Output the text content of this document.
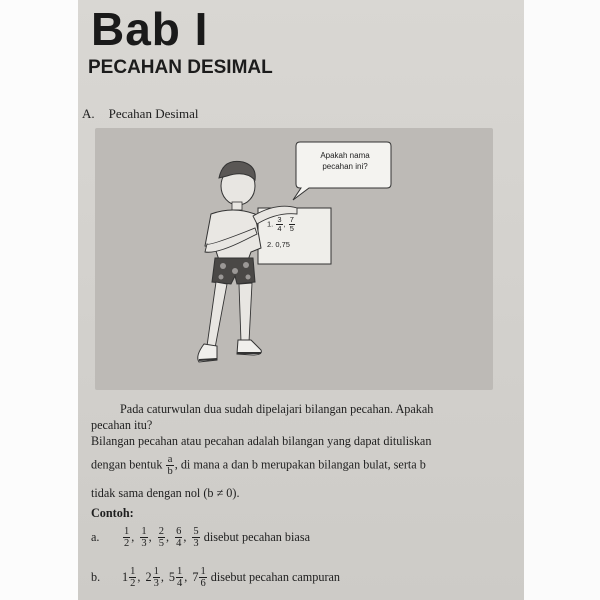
Bab I
PECAHAN DESIMAL
A. Pecahan Desimal
Apakah nama
pecahan ini?
1. $\frac{3}{4}$ , $\frac{7}{5}$
2. 0,75
Pada caturwulan dua sudah dipelajari bilangan pecahan. Apakah
pecahan itu?
Bilangan pecahan atau pecahan adalah bilangan yang dapat dituliskan
dengan bentuk $\frac{a}{b}$ , di mana a dan b merupakan bilangan bulat, serta b
tidak sama dengan nol (b ≠ 0).
Contoh:
a. $\frac{1}{2}$ , $\frac{1}{3}$ , $\frac{2}{5}$ , $\frac{6}{4}$ , $\frac{5}{3}$ disebut pecahan biasa
b. $1 \frac{1}{2}$ , $2 \frac{1}{3}$ , $5 \frac{1}{4}$ , $7 \frac{1}{6}$ disebut pecahan campuran
